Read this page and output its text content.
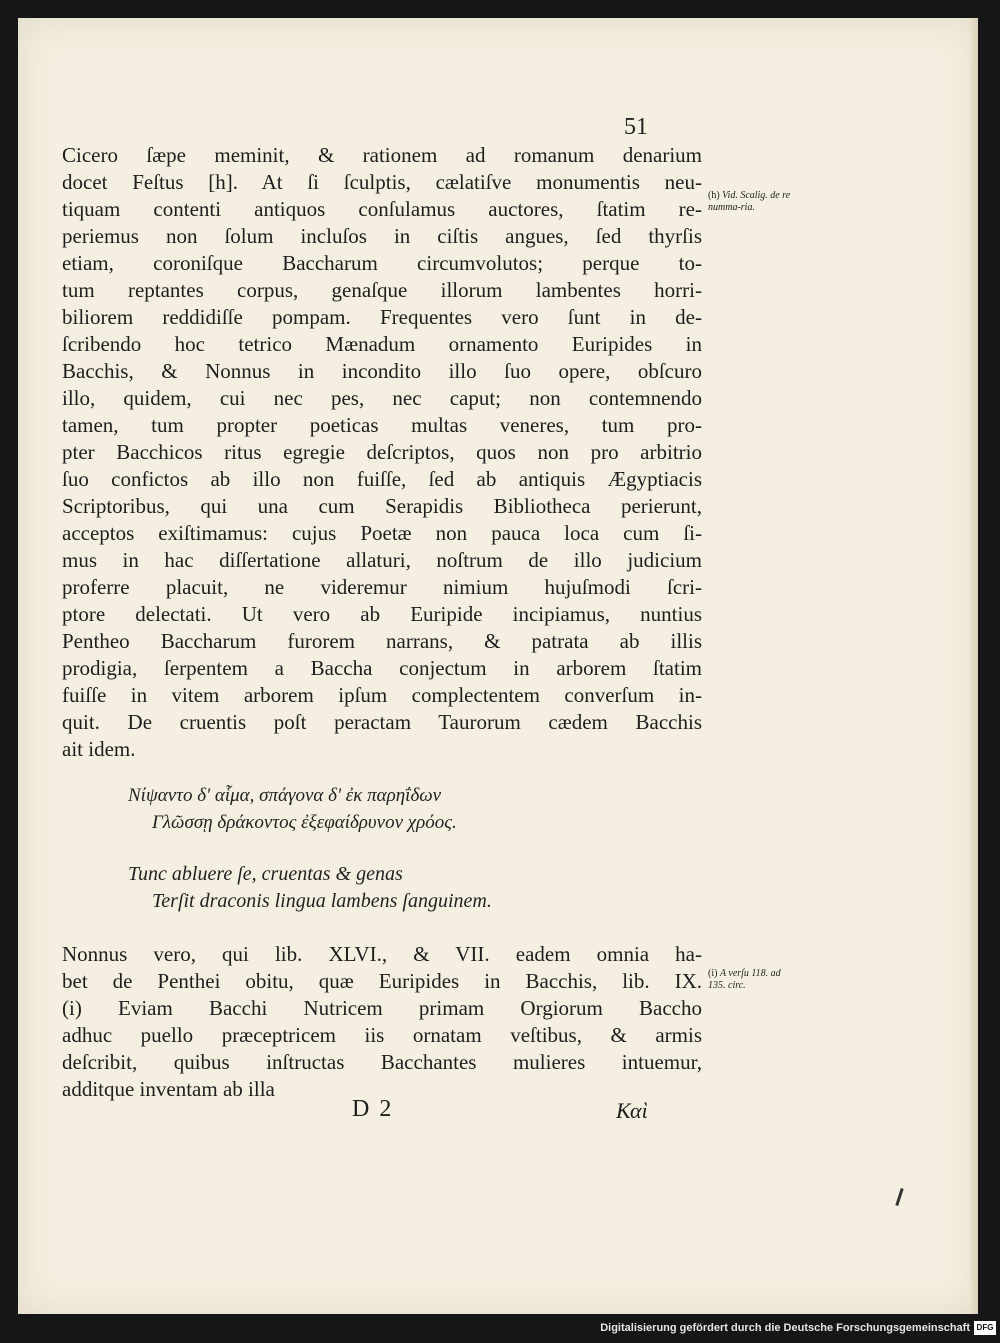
51
Cicero ſæpe meminit, & rationem ad romanum denarium
docet Feſtus [h]. At ſi ſculptis, cælatiſve monumentis neu-
tiquam contenti antiquos conſulamus auctores, ſtatim re-
periemus non ſolum incluſos in ciſtis angues, ſed thyrſis
etiam, coroniſque Baccharum circumvolutos; perque to-
tum reptantes corpus, genaſque illorum lambentes horri-
biliorem reddidiſſe pompam. Frequentes vero ſunt in de-
ſcribendo hoc tetrico Mænadum ornamento Euripides in
Bacchis, & Nonnus in incondito illo ſuo opere, obſcuro
illo, quidem, cui nec pes, nec caput; non contemnendo
tamen, tum propter poeticas multas veneres, tum pro-
pter Bacchicos ritus egregie deſcriptos, quos non pro arbitrio
ſuo confictos ab illo non fuiſſe, ſed ab antiquis Ægyptiacis
Scriptoribus, qui una cum Serapidis Bibliotheca perierunt,
acceptos exiſtimamus: cujus Poetæ non pauca loca cum ſi-
mus in hac diſſertatione allaturi, noſtrum de illo judicium
proferre placuit, ne videremur nimium hujuſmodi ſcri-
ptore delectati. Ut vero ab Euripide incipiamus, nuntius
Pentheo Baccharum furorem narrans, & patrata ab illis
prodigia, ſerpentem a Baccha conjectum in arborem ſtatim
fuiſſe in vitem arborem ipſum complectentem converſum in-
quit. De cruentis poſt peractam Taurorum cædem Bacchis
ait idem.
(h) Vid. Scalig. de re numma-ria.
Νίψαντο δ' αἷμα, σπάγονα δ' ἐκ παρηΐδων
Γλῶσσῃ δράκοντος ἐξεφαίδρυνον χρόος.
Tunc abluere ſe, cruentas & genas
Terſit draconis lingua lambens ſanguinem.
Nonnus vero, qui lib. XLVI., & VII. eadem omnia ha-
bet de Penthei obitu, quæ Euripides in Bacchis, lib. IX.
(i) Eviam Bacchi Nutricem primam Orgiorum Baccho
adhuc puello præceptricem iis ornatam veſtibus, & armis
deſcribit, quibus inſtructas Bacchantes mulieres intuemur,
additque inventam ab illa
(i) A verſu 118. ad 135. circ.
D 2	Καὶ
Digitalisierung gefördert durch die Deutsche Forschungsgemeinschaft DFG
